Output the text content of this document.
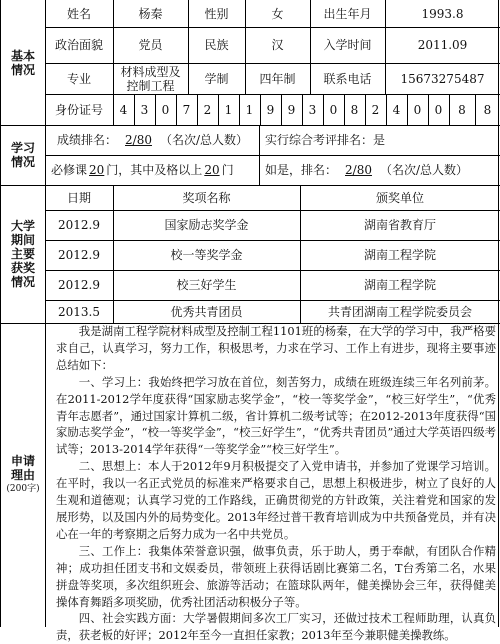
基本情况
姓名	杨秦	性别	女	出生年月	1993.8
政治面貌	党员	民族	汉	入学时间	2011.09
专业	材料成型及控制工程	学制	四年制	联系电话	15673275487
身份证号	4	3	0	7	2	1	1	9	9	3	0	8	2	4	0	0	8	8
学习情况
成绩排名： 2/80 （名次/总人数）	实行综合考评排名：是
必修课 20 门，其中及格以上 20 门	如是，排名： 2/80 （名次/总人数）
大学期间主要获奖情况
日期	奖项名称	颁奖单位
2012.9	国家励志奖学金	湖南省教育厅
2012.9	校一等奖学金	湖南工程学院
2012.9	校三好学生	湖南工程学院
2013.5	优秀共青团员	共青团湖南工程学院委员会
申请理由
(200字)

我是湖南工程学院材料成型及控制工程1101班的杨秦，在大学的学习中，我严格要求自己，认真学习，努力工作，积极思考，力求在学习、工作上有进步，现将主要事迹总结如下：

一、学习上：我始终把学习放在首位，刻苦努力，成绩在班级连续三年名列前茅。在2011-2012学年度获得“国家励志奖学金”，“校一等奖学金”，“校三好学生”，“优秀青年志愿者”，通过国家计算机二级，省计算机二级考试等；在2012-2013年度获得“国家励志奖学金”，“校一等奖学金”，“校三好学生”，“优秀共青团员”通过大学英语四级考试等；2013-2014学年获得“一等奖学金”“校三好学生”。

二、思想上：本人于2012年9月积极提交了入党申请书，并参加了党课学习培训。在平时，我以一名正式党员的标准来严格要求自己，思想上积极进步，树立了良好的人生观和道德观；认真学习党的工作路线，正确贯彻党的方针政策，关注着党和国家的发展形势，以及国内外的局势变化。2013年经过普干教育培训成为中共预备党员，并有决心在一年的考察期之后努力成为一名中共党员。

三、工作上：我集体荣誉意识强，做事负责，乐于助人，勇于奉献，有团队合作精神；成功担任团支书和文娱委员，带领班上获得话剧比赛第二名，T台秀第二名，水果拼盘等奖项，多次组织班会、旅游等活动；在篮球队两年，健美操协会三年，获得健美操体育舞蹈多项奖励，优秀社团活动积极分子等。

四、社会实践方面：大学暑假期间多次工厂实习，还做过技术工程师助理，认真负责，获老板的好评；2012年至今一直担任家教；2013年至今兼职健美操教练。
